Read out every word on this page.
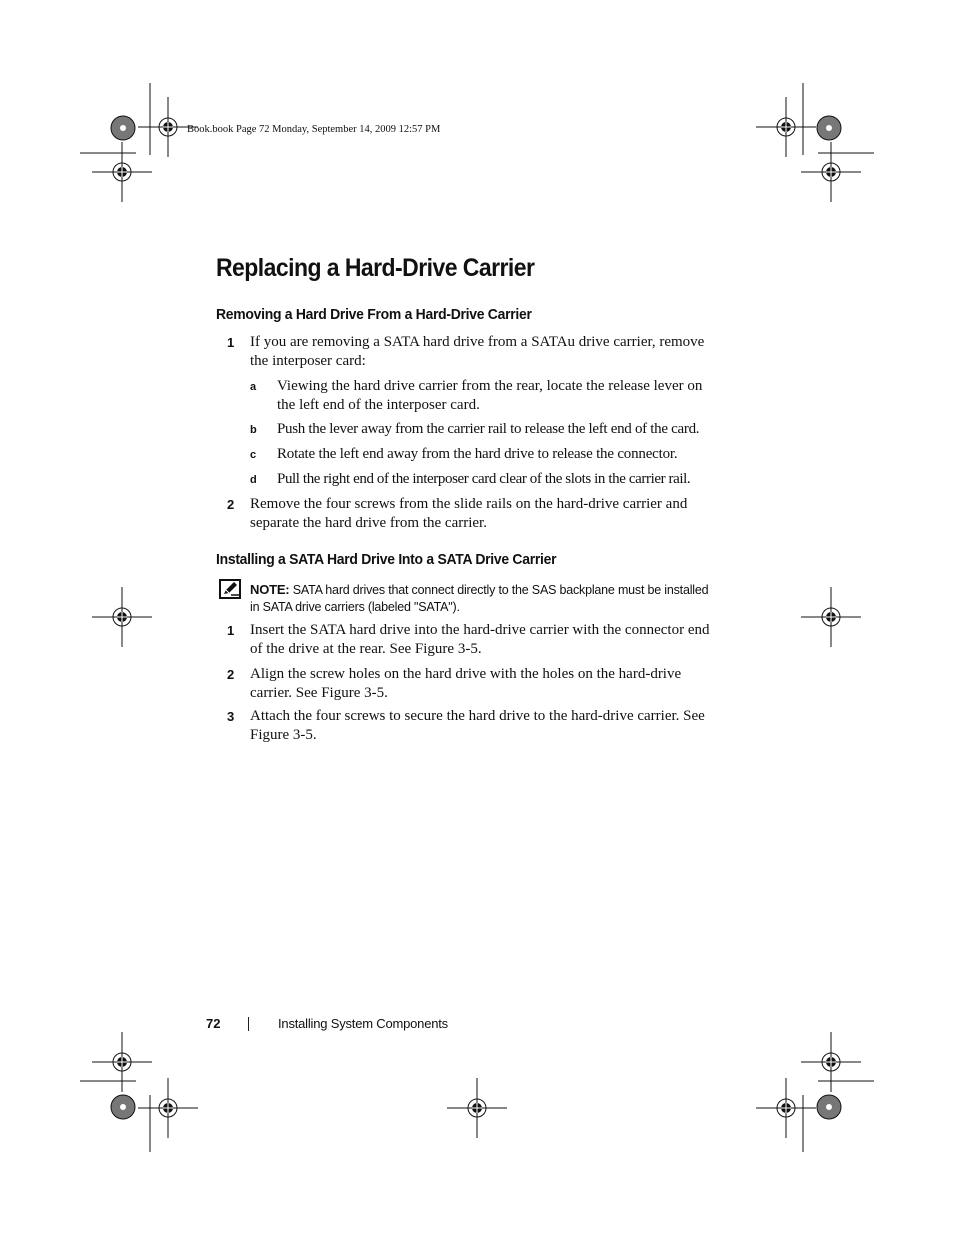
Book.book Page 72 Monday, September 14, 2009 12:57 PM
Replacing a Hard-Drive Carrier
Removing a Hard Drive From a Hard-Drive Carrier
1 If you are removing a SATA hard drive from a SATAu drive carrier, remove the interposer card:
a Viewing the hard drive carrier from the rear, locate the release lever on the left end of the interposer card.
b Push the lever away from the carrier rail to release the left end of the card.
c Rotate the left end away from the hard drive to release the connector.
d Pull the right end of the interposer card clear of the slots in the carrier rail.
2 Remove the four screws from the slide rails on the hard-drive carrier and separate the hard drive from the carrier.
Installing a SATA Hard Drive Into a SATA Drive Carrier
NOTE: SATA hard drives that connect directly to the SAS backplane must be installed in SATA drive carriers (labeled "SATA").
1 Insert the SATA hard drive into the hard-drive carrier with the connector end of the drive at the rear. See Figure 3-5.
2 Align the screw holes on the hard drive with the holes on the hard-drive carrier. See Figure 3-5.
3 Attach the four screws to secure the hard drive to the hard-drive carrier. See Figure 3-5.
72	Installing System Components
